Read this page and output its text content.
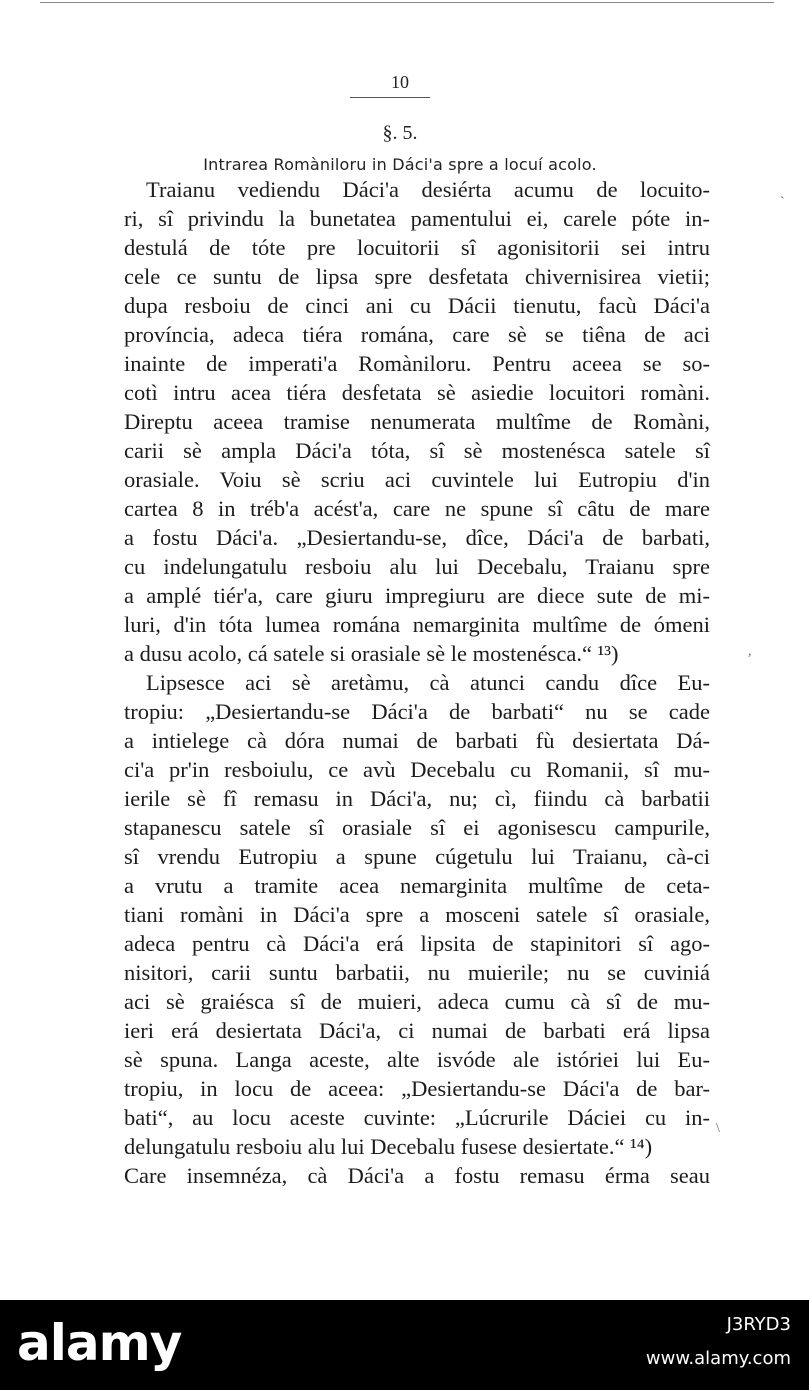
10
§. 5.
Intrarea Romàniloru in Dáci'a spre a locuí acolo.
Traianu vediendu Dáci'a desiérta acumu de locuito-
ri, sî privindu la bunetatea pamentului ei, carele póte in-
destulá de tóte pre locuitorii sî agonisitorii sei intru
cele ce suntu de lipsa spre desfetata chivernisirea vietii;
dupa resboiu de cinci ani cu Dácii tienutu, facù Dáci'a
província, adeca tiéra romána, care sè se tiêna de aci
inainte de imperati'a Romàniloru. Pentru aceea se so-
cotì intru acea tiéra desfetata sè asiedie locuitori romàni.
Direptu aceea tramise nenumerata multîme de Romàni,
carii sè ampla Dáci'a tóta, sî sè mostenésca satele sî
orasiale. Voiu sè scriu aci cuvintele lui Eutropiu d'in
cartea 8 in tréb'a acést'a, care ne spune sî cȃtu de mare
a fostu Dáci'a. „Desiertandu-se, dîce, Dáci'a de barbati,
cu indelungatulu resboiu alu lui Decebalu, Traianu spre
a amplé tiér'a, care giuru impregiuru are diece sute de mi-
luri, d'in tóta lumea romána nemarginita multîme de ómeni
a dusu acolo, cá satele si orasiale sè le mostenésca.“ ¹³)
Lipsesce aci sè aretàmu, cà atunci candu dîce Eu-
tropiu: „Desiertandu-se Dáci'a de barbati“ nu se cade
a intielege cà dóra numai de barbati fù desiertata Dá-
ci'a pr'in resboiulu, ce avù Decebalu cu Romanii, sî mu-
ierile sè fî remasu in Dáci'a, nu; cì, fiindu cà barbatii
stapanescu satele sî orasiale sî ei agonisescu campurile,
sî vrendu Eutropiu a spune cúgetulu lui Traianu, cà-ci
a vrutu a tramite acea nemarginita multîme de cetа-
tiani romàni in Dáci'a spre a mosceni satele sî orasiale,
adeca pentru cà Dáci'a erá lipsita de stapinitori sî ago-
nisitori, carii suntu barbatii, nu muierile; nu se cuviniá
aci sè graiésca sî de muieri, adeca cumu cà sî de mu-
ieri erá desiertata Dáci'a, ci numai de barbati erá lipsa
sè spuna. Langa aceste, alte isvóde ale istóriei lui Eu-
tropiu, in locu de aceea: „Desiertandu-se Dáci'a de bar-
bati“, au locu aceste cuvinte: „Lúcrurile Dáciei cu in-
delungatulu resboiu alu lui Decebalu fusese desiertate.“ ¹⁴)
Care insemnéza, cà Dáci'a a fostu remasu érma seau
`
,
\
alamy	J3RYD3
www.alamy.com
